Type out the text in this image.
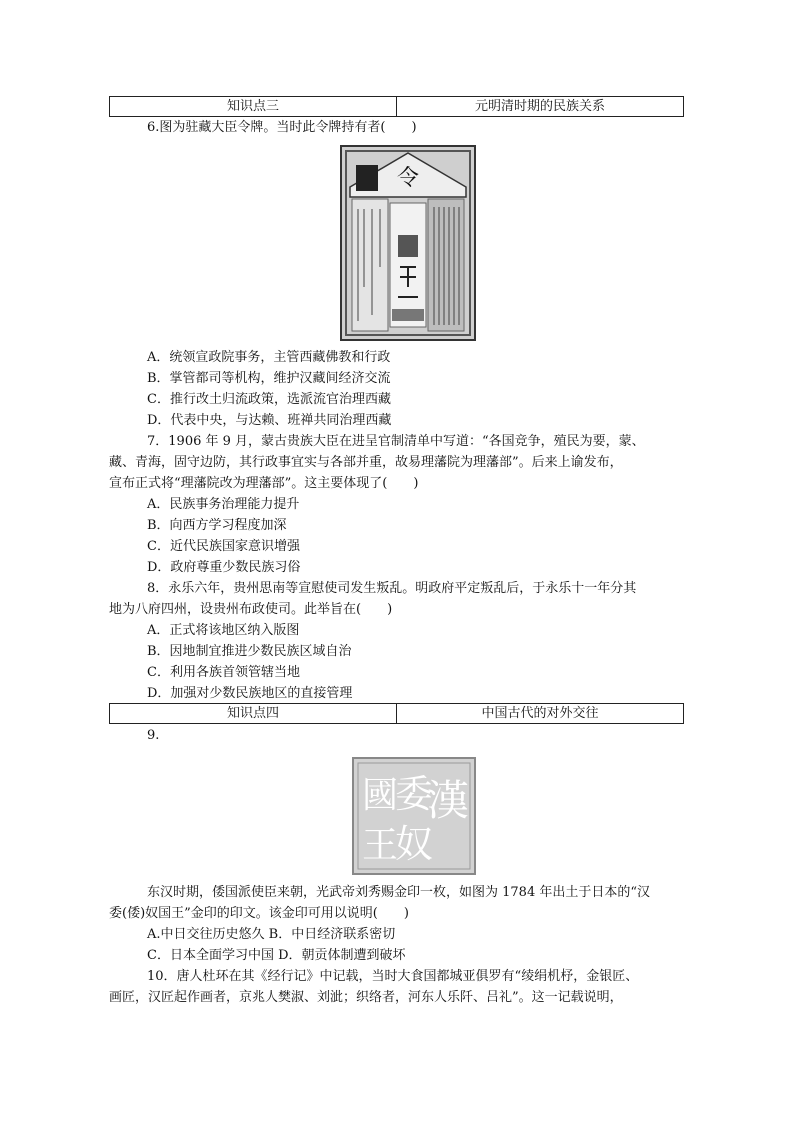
知识点三	元明清时期的民族关系
6.图为驻藏大臣令牌。当时此令牌持有者(　　)
令
A．统领宣政院事务，主管西藏佛教和行政
B．掌管都司等机构，维护汉藏间经济交流
C．推行改土归流政策，选派流官治理西藏
D．代表中央，与达赖、班禅共同治理西藏
7．1906 年 9 月，蒙古贵族大臣在进呈官制清单中写道：“各国竞争，殖民为要，蒙、
藏、青海，固守边防，其行政事宜实与各部并重，故易理藩院为理藩部”。后来上谕发布，
宣布正式将“理藩院改为理藩部”。这主要体现了(　　)
A．民族事务治理能力提升
B．向西方学习程度加深
C．近代民族国家意识增强
D．政府尊重少数民族习俗
8．永乐六年，贵州思南等宣慰使司发生叛乱。明政府平定叛乱后，于永乐十一年分其
地为八府四州，设贵州布政使司。此举旨在(　　)
A．正式将该地区纳入版图
B．因地制宜推进少数民族区域自治
C．利用各族首领管辖当地
D．加强对少数民族地区的直接管理
知识点四	中国古代的对外交往
9.
漢
委
奴
國
王
东汉时期，倭国派使臣来朝，光武帝刘秀赐金印一枚，如图为 1784 年出土于日本的“汉
委(倭)奴国王”金印的印文。该金印可用以说明(　　)
A.中日交往历史悠久 B．中日经济联系密切
C．日本全面学习中国 D．朝贡体制遭到破坏
10．唐人杜环在其《经行记》中记载，当时大食国都城亚俱罗有“绫绢机杼，金银匠、
画匠，汉匠起作画者，京兆人樊淑、刘泚；织络者，河东人乐阡、吕礼”。这一记载说明，
